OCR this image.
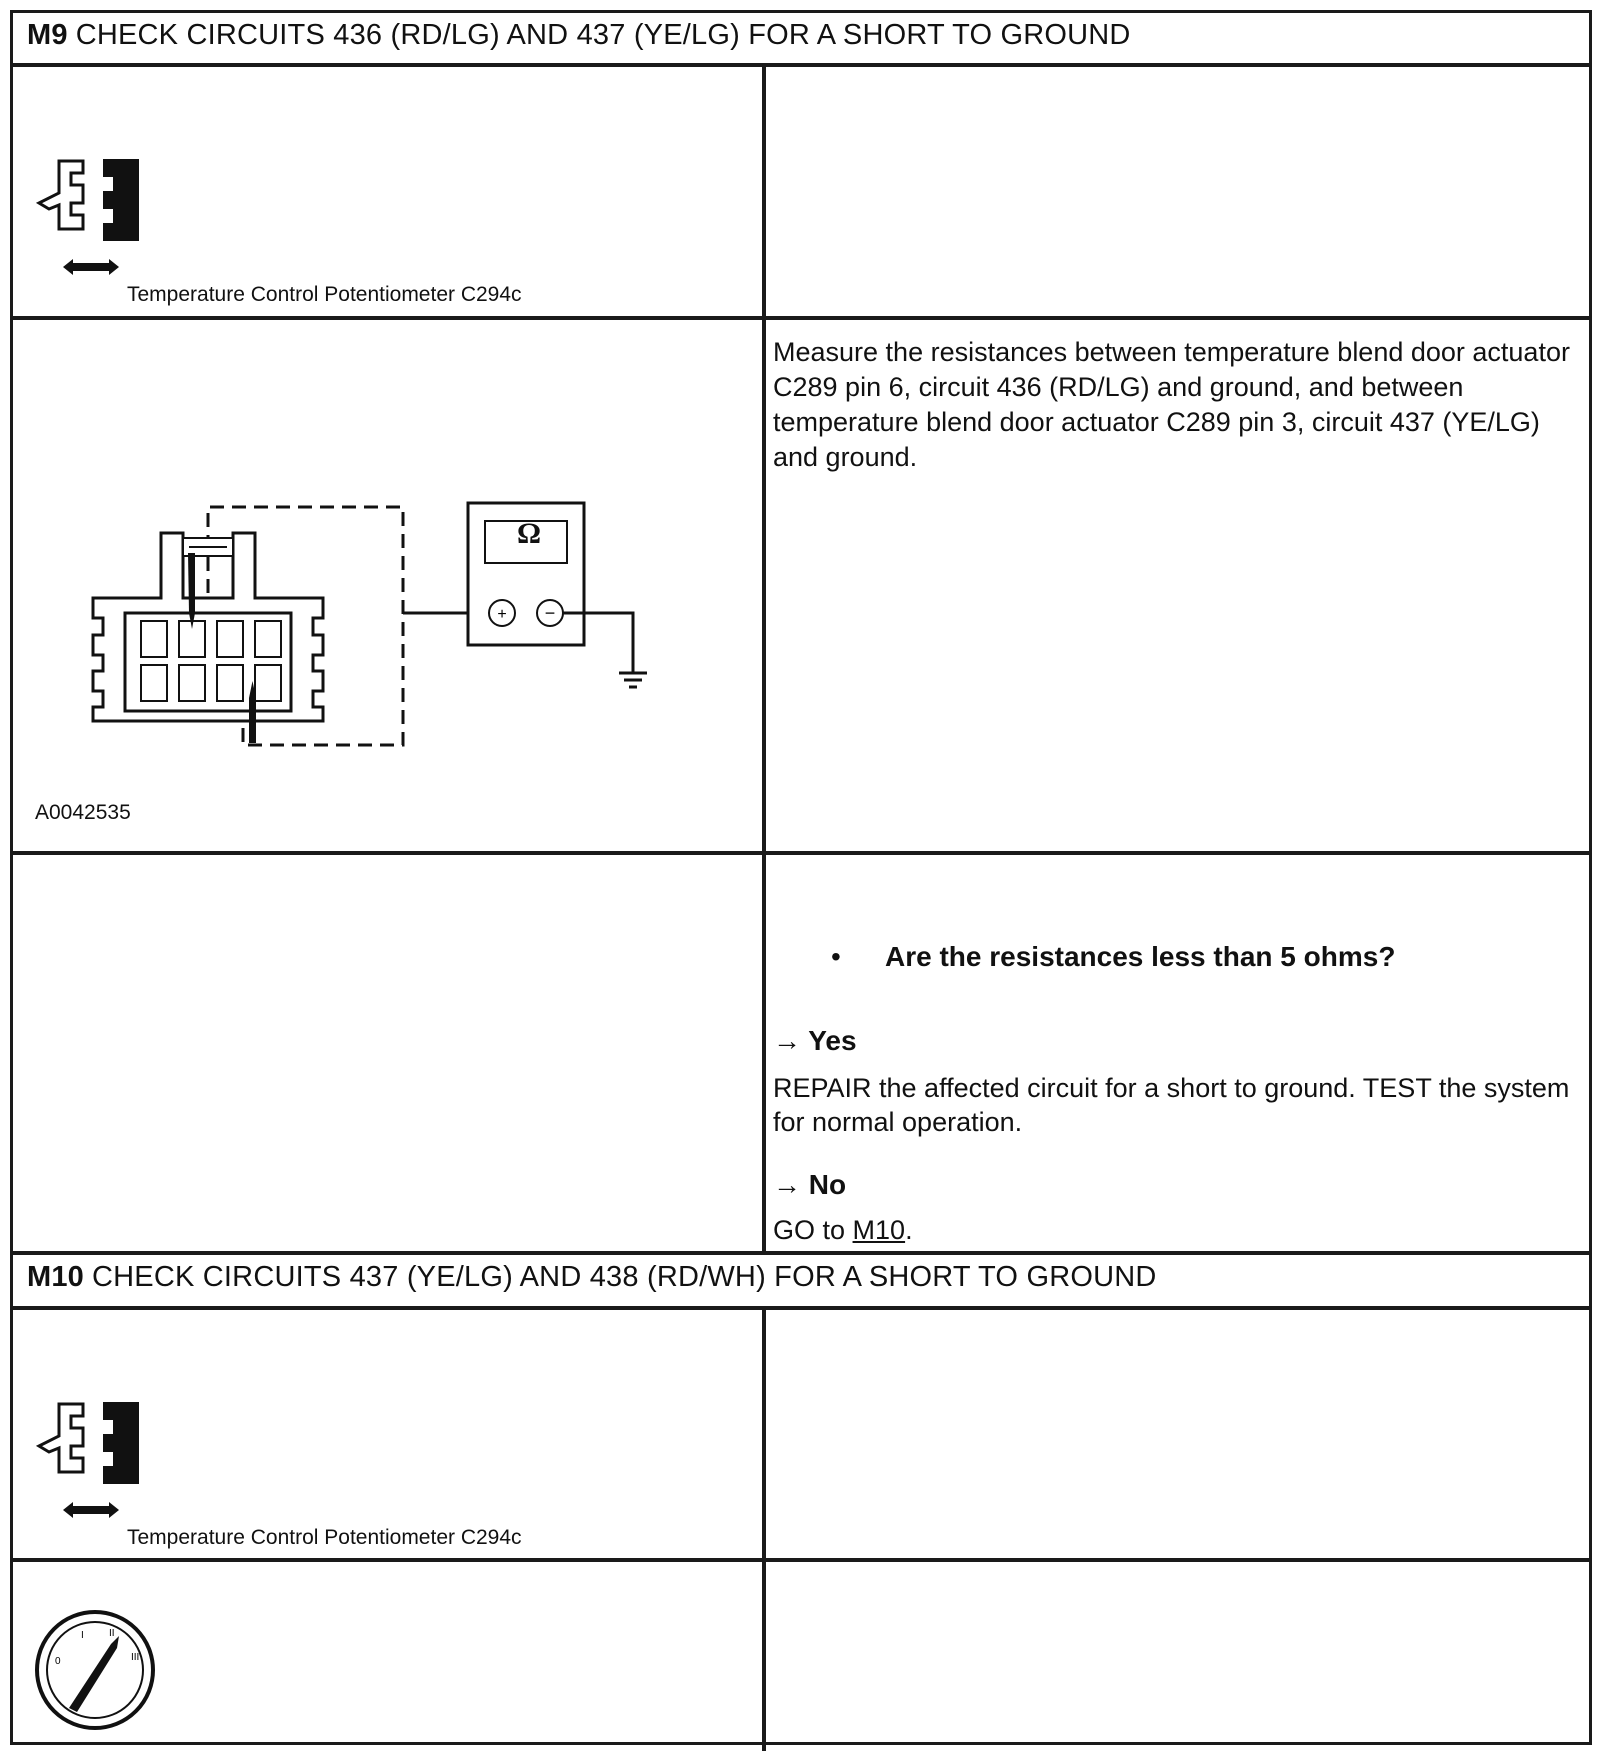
M9 CHECK CIRCUITS 436 (RD/LG) AND 437 (YE/LG) FOR A SHORT TO GROUND
Temperature Control Potentiometer C294c
+ −
Ω
A0042535
Measure the resistances between temperature blend door actuator C289 pin 6, circuit 436 (RD/LG) and ground, and between temperature blend door actuator C289 pin 3, circuit 437 (YE/LG) and ground.
• Are the resistances less than 5 ohms?
→ Yes
REPAIR the affected circuit for a short to ground. TEST the system for normal operation.
→ No
GO to M10.
M10 CHECK CIRCUITS 437 (YE/LG) AND 438 (RD/WH) FOR A SHORT TO GROUND
Temperature Control Potentiometer C294c
0
I	II
III
